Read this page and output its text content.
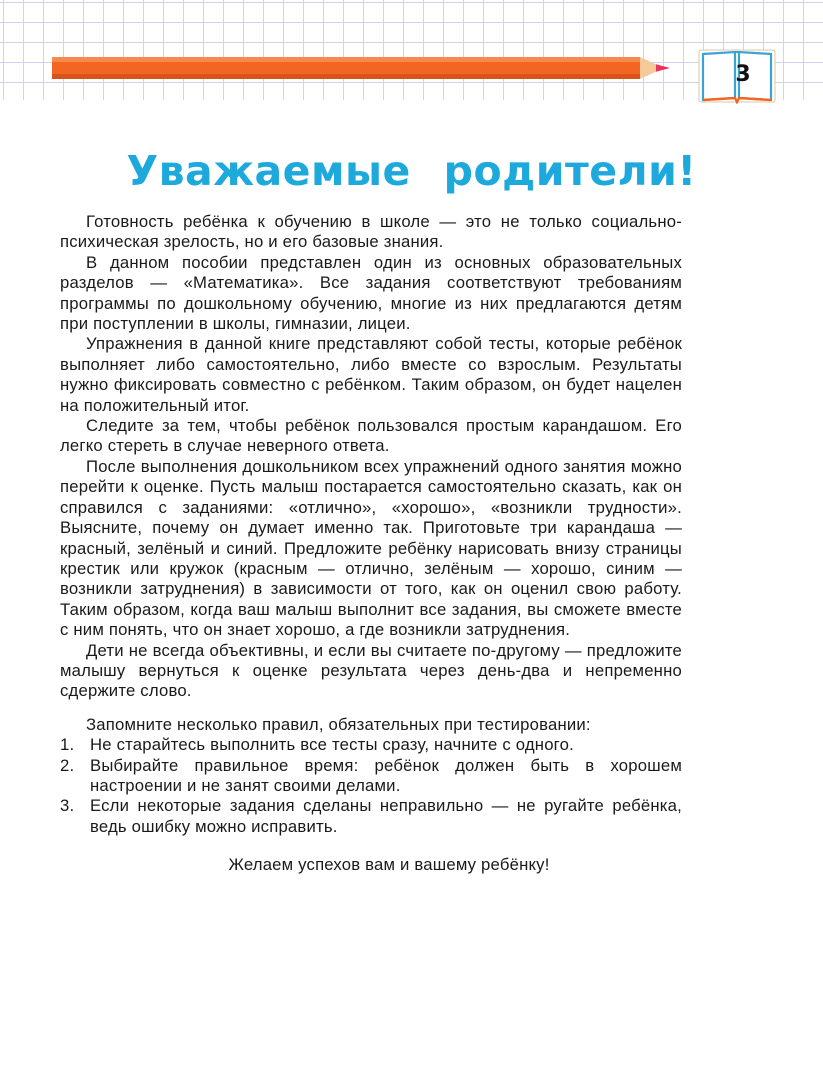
3
Уважаемые родители!

Готовность ребёнка к обучению в школе — это не только социально-психическая зрелость, но и его базовые знания.

В данном пособии представлен один из основных образовательных разделов — «Математика». Все задания соответствуют требованиям программы по дошкольному обучению, многие из них предлагаются детям при поступлении в школы, гимназии, лицеи.

Упражнения в данной книге представляют собой тесты, которые ребёнок выполняет либо самостоятельно, либо вместе со взрослым. Результаты нужно фиксировать совместно с ребёнком. Таким образом, он будет нацелен на положительный итог.

Следите за тем, чтобы ребёнок пользовался простым карандашом. Его легко стереть в случае неверного ответа.

После выполнения дошкольником всех упражнений одного занятия можно перейти к оценке. Пусть малыш постарается самостоятельно сказать, как он справился с заданиями: «отлично», «хорошо», «возникли трудности». Выясните, почему он думает именно так. Приготовьте три карандаша — красный, зелёный и синий. Предложите ребёнку нарисовать внизу страницы крестик или кружок (красным — отлично, зелёным — хорошо, синим — возникли затруднения) в зависимости от того, как он оценил свою работу. Таким образом, когда ваш малыш выполнит все задания, вы сможете вместе с ним понять, что он знает хорошо, а где возникли затруднения.

Дети не всегда объективны, и если вы считаете по-другому — предложите малышу вернуться к оценке результата через день-два и непременно сдержите слово.

Запомните несколько правил, обязательных при тестировании:

1. Не старайтесь выполнить все тесты сразу, начните с одного.
2. Выбирайте правильное время: ребёнок должен быть в хорошем настроении и не занят своими делами.
3. Если некоторые задания сделаны неправильно — не ругайте ребёнка, ведь ошибку можно исправить.

Желаем успехов вам и вашему ребёнку!
